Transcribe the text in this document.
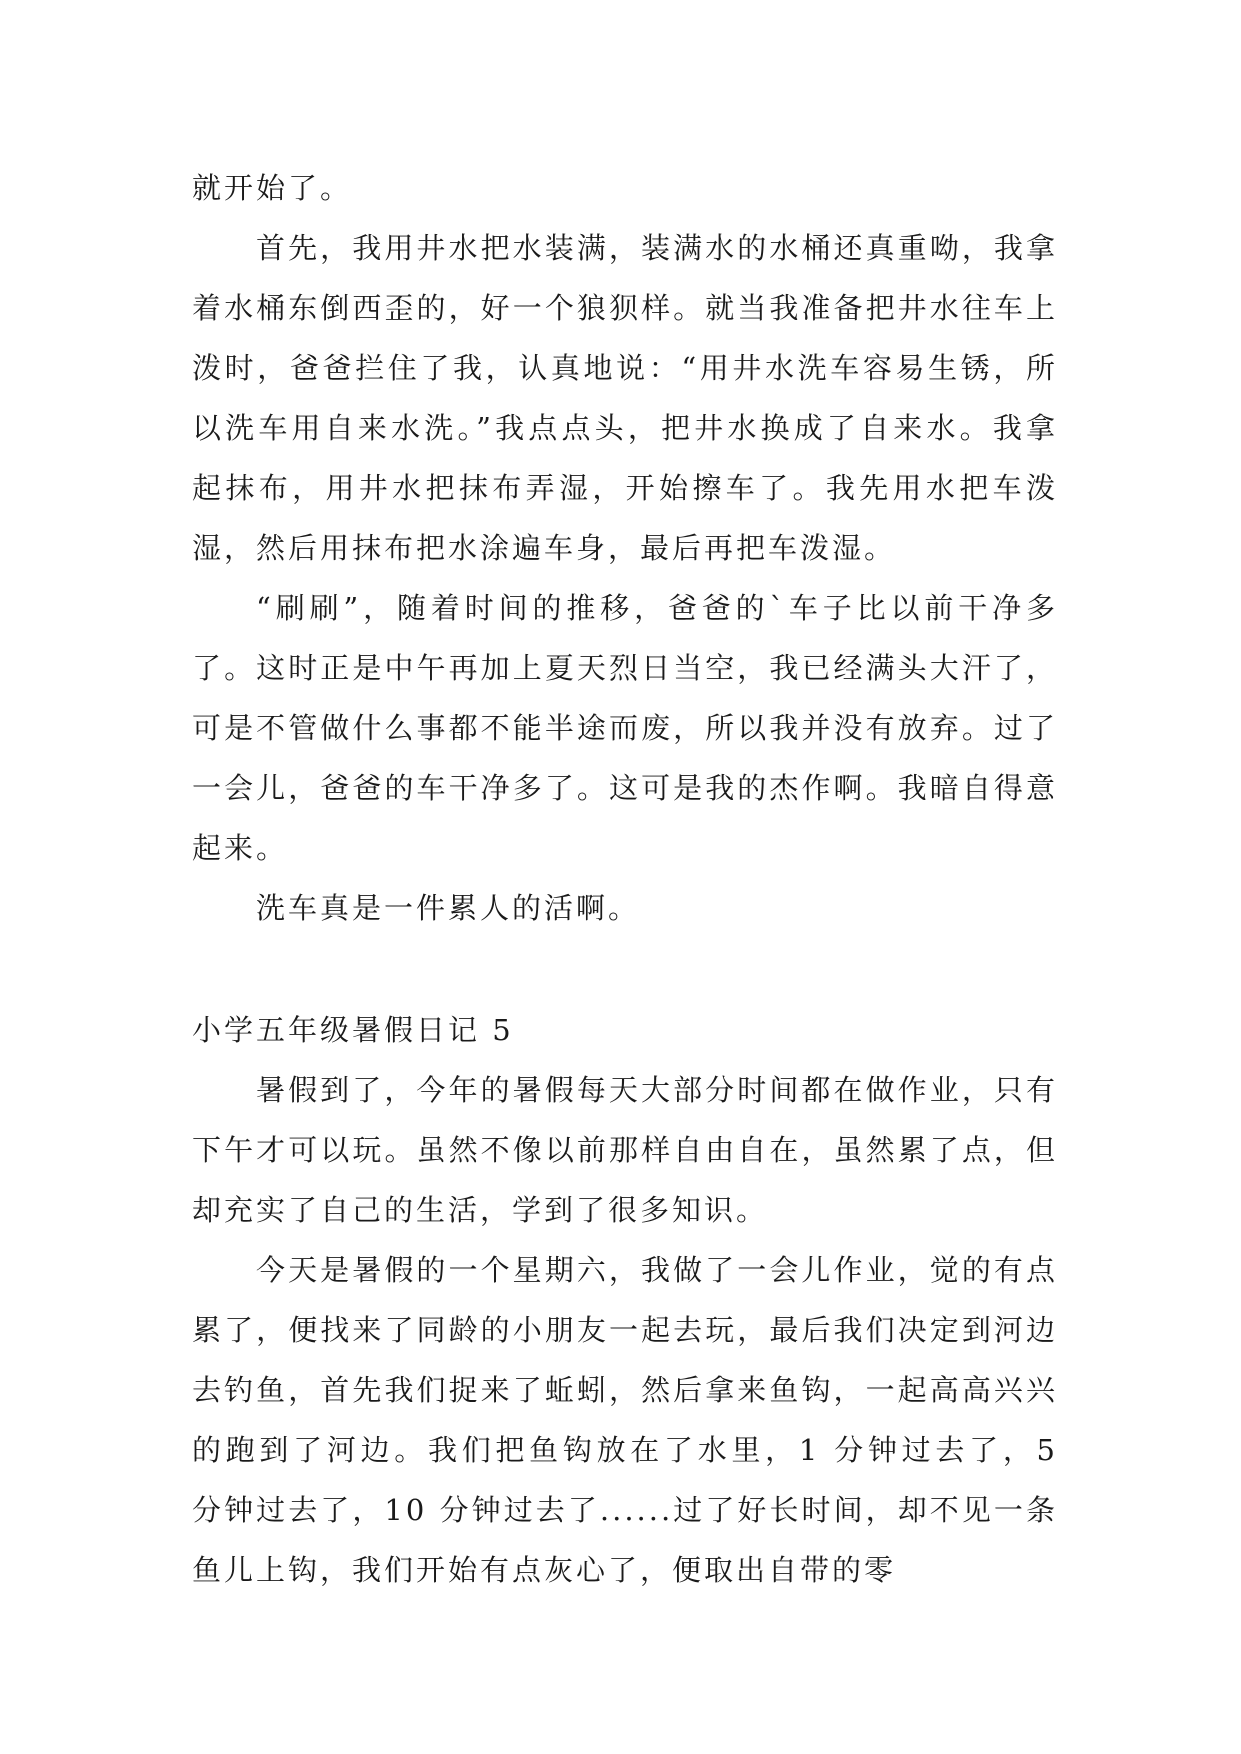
就开始了。

首先，我用井水把水装满，装满水的水桶还真重呦，我拿着水桶东倒西歪的，好一个狼狈样。就当我准备把井水往车上泼时，爸爸拦住了我，认真地说：“用井水洗车容易生锈，所以洗车用自来水洗。”我点点头，把井水换成了自来水。我拿起抹布，用井水把抹布弄湿，开始擦车了。我先用水把车泼湿，然后用抹布把水涂遍车身，最后再把车泼湿。

“刷刷”，随着时间的推移，爸爸的`车子比以前干净多了。这时正是中午再加上夏天烈日当空，我已经满头大汗了，可是不管做什么事都不能半途而废，所以我并没有放弃。过了一会儿，爸爸的车干净多了。这可是我的杰作啊。我暗自得意起来。

洗车真是一件累人的活啊。

小学五年级暑假日记 5

暑假到了，今年的暑假每天大部分时间都在做作业，只有下午才可以玩。虽然不像以前那样自由自在，虽然累了点，但却充实了自己的生活，学到了很多知识。

今天是暑假的一个星期六，我做了一会儿作业，觉的有点累了，便找来了同龄的小朋友一起去玩，最后我们决定到河边去钓鱼，首先我们捉来了蚯蚓，然后拿来鱼钩，一起高高兴兴的跑到了河边。我们把鱼钩放在了水里，1 分钟过去了，5 分钟过去了，10 分钟过去了......过了好长时间，却不见一条鱼儿上钩，我们开始有点灰心了，便取出自带的零
